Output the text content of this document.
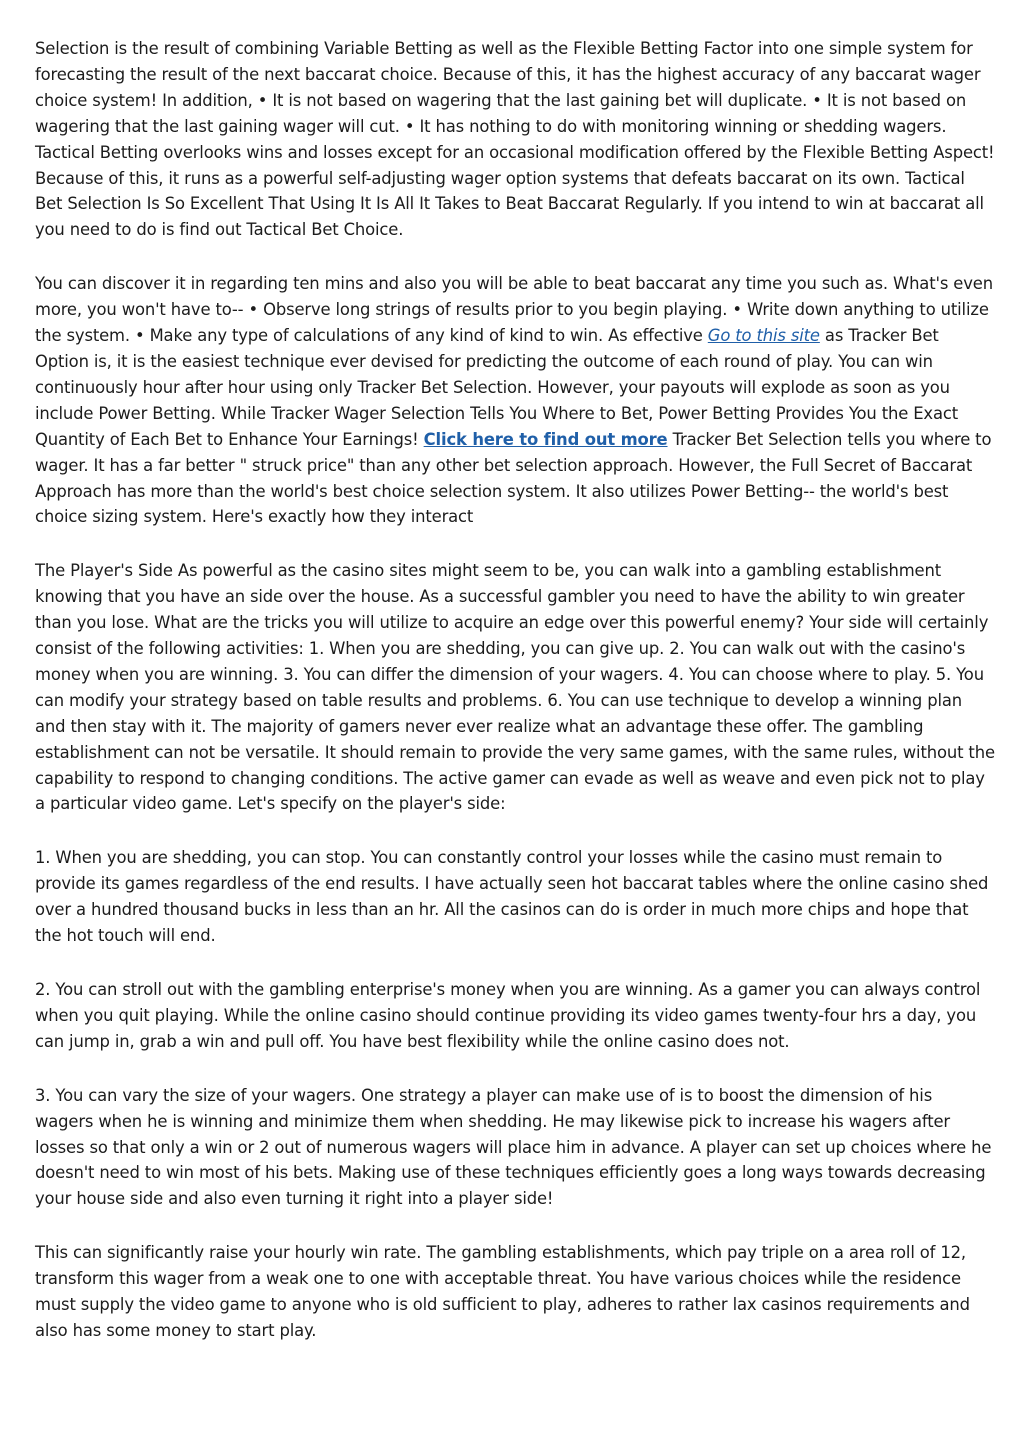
Selection is the result of combining Variable Betting as well as the Flexible Betting Factor into one simple system for forecasting the result of the next baccarat choice. Because of this, it has the highest accuracy of any baccarat wager choice system! In addition, • It is not based on wagering that the last gaining bet will duplicate. • It is not based on wagering that the last gaining wager will cut. • It has nothing to do with monitoring winning or shedding wagers. Tactical Betting overlooks wins and losses except for an occasional modification offered by the Flexible Betting Aspect! Because of this, it runs as a powerful self-adjusting wager option systems that defeats baccarat on its own. Tactical Bet Selection Is So Excellent That Using It Is All It Takes to Beat Baccarat Regularly. If you intend to win at baccarat all you need to do is find out Tactical Bet Choice.

You can discover it in regarding ten mins and also you will be able to beat baccarat any time you such as. What's even more, you won't have to-- • Observe long strings of results prior to you begin playing. • Write down anything to utilize the system. • Make any type of calculations of any kind of kind to win. As effective Go to this site as Tracker Bet Option is, it is the easiest technique ever devised for predicting the outcome of each round of play. You can win continuously hour after hour using only Tracker Bet Selection. However, your payouts will explode as soon as you include Power Betting. While Tracker Wager Selection Tells You Where to Bet, Power Betting Provides You the Exact Quantity of Each Bet to Enhance Your Earnings! Click here to find out more Tracker Bet Selection tells you where to wager. It has a far better " struck price" than any other bet selection approach. However, the Full Secret of Baccarat Approach has more than the world's best choice selection system. It also utilizes Power Betting-- the world's best choice sizing system. Here's exactly how they interact

The Player's Side As powerful as the casino sites might seem to be, you can walk into a gambling establishment knowing that you have an side over the house. As a successful gambler you need to have the ability to win greater than you lose. What are the tricks you will utilize to acquire an edge over this powerful enemy? Your side will certainly consist of the following activities: 1. When you are shedding, you can give up. 2. You can walk out with the casino's money when you are winning. 3. You can differ the dimension of your wagers. 4. You can choose where to play. 5. You can modify your strategy based on table results and problems. 6. You can use technique to develop a winning plan and then stay with it. The majority of gamers never ever realize what an advantage these offer. The gambling establishment can not be versatile. It should remain to provide the very same games, with the same rules, without the capability to respond to changing conditions. The active gamer can evade as well as weave and even pick not to play a particular video game. Let's specify on the player's side:

1. When you are shedding, you can stop. You can constantly control your losses while the casino must remain to provide its games regardless of the end results. I have actually seen hot baccarat tables where the online casino shed over a hundred thousand bucks in less than an hr. All the casinos can do is order in much more chips and hope that the hot touch will end.

2. You can stroll out with the gambling enterprise's money when you are winning. As a gamer you can always control when you quit playing. While the online casino should continue providing its video games twenty-four hrs a day, you can jump in, grab a win and pull off. You have best flexibility while the online casino does not.

3. You can vary the size of your wagers. One strategy a player can make use of is to boost the dimension of his wagers when he is winning and minimize them when shedding. He may likewise pick to increase his wagers after losses so that only a win or 2 out of numerous wagers will place him in advance. A player can set up choices where he doesn't need to win most of his bets. Making use of these techniques efficiently goes a long ways towards decreasing your house side and also even turning it right into a player side!

This can significantly raise your hourly win rate. The gambling establishments, which pay triple on a area roll of 12, transform this wager from a weak one to one with acceptable threat. You have various choices while the residence must supply the video game to anyone who is old sufficient to play, adheres to rather lax casinos requirements and also has some money to start play.
